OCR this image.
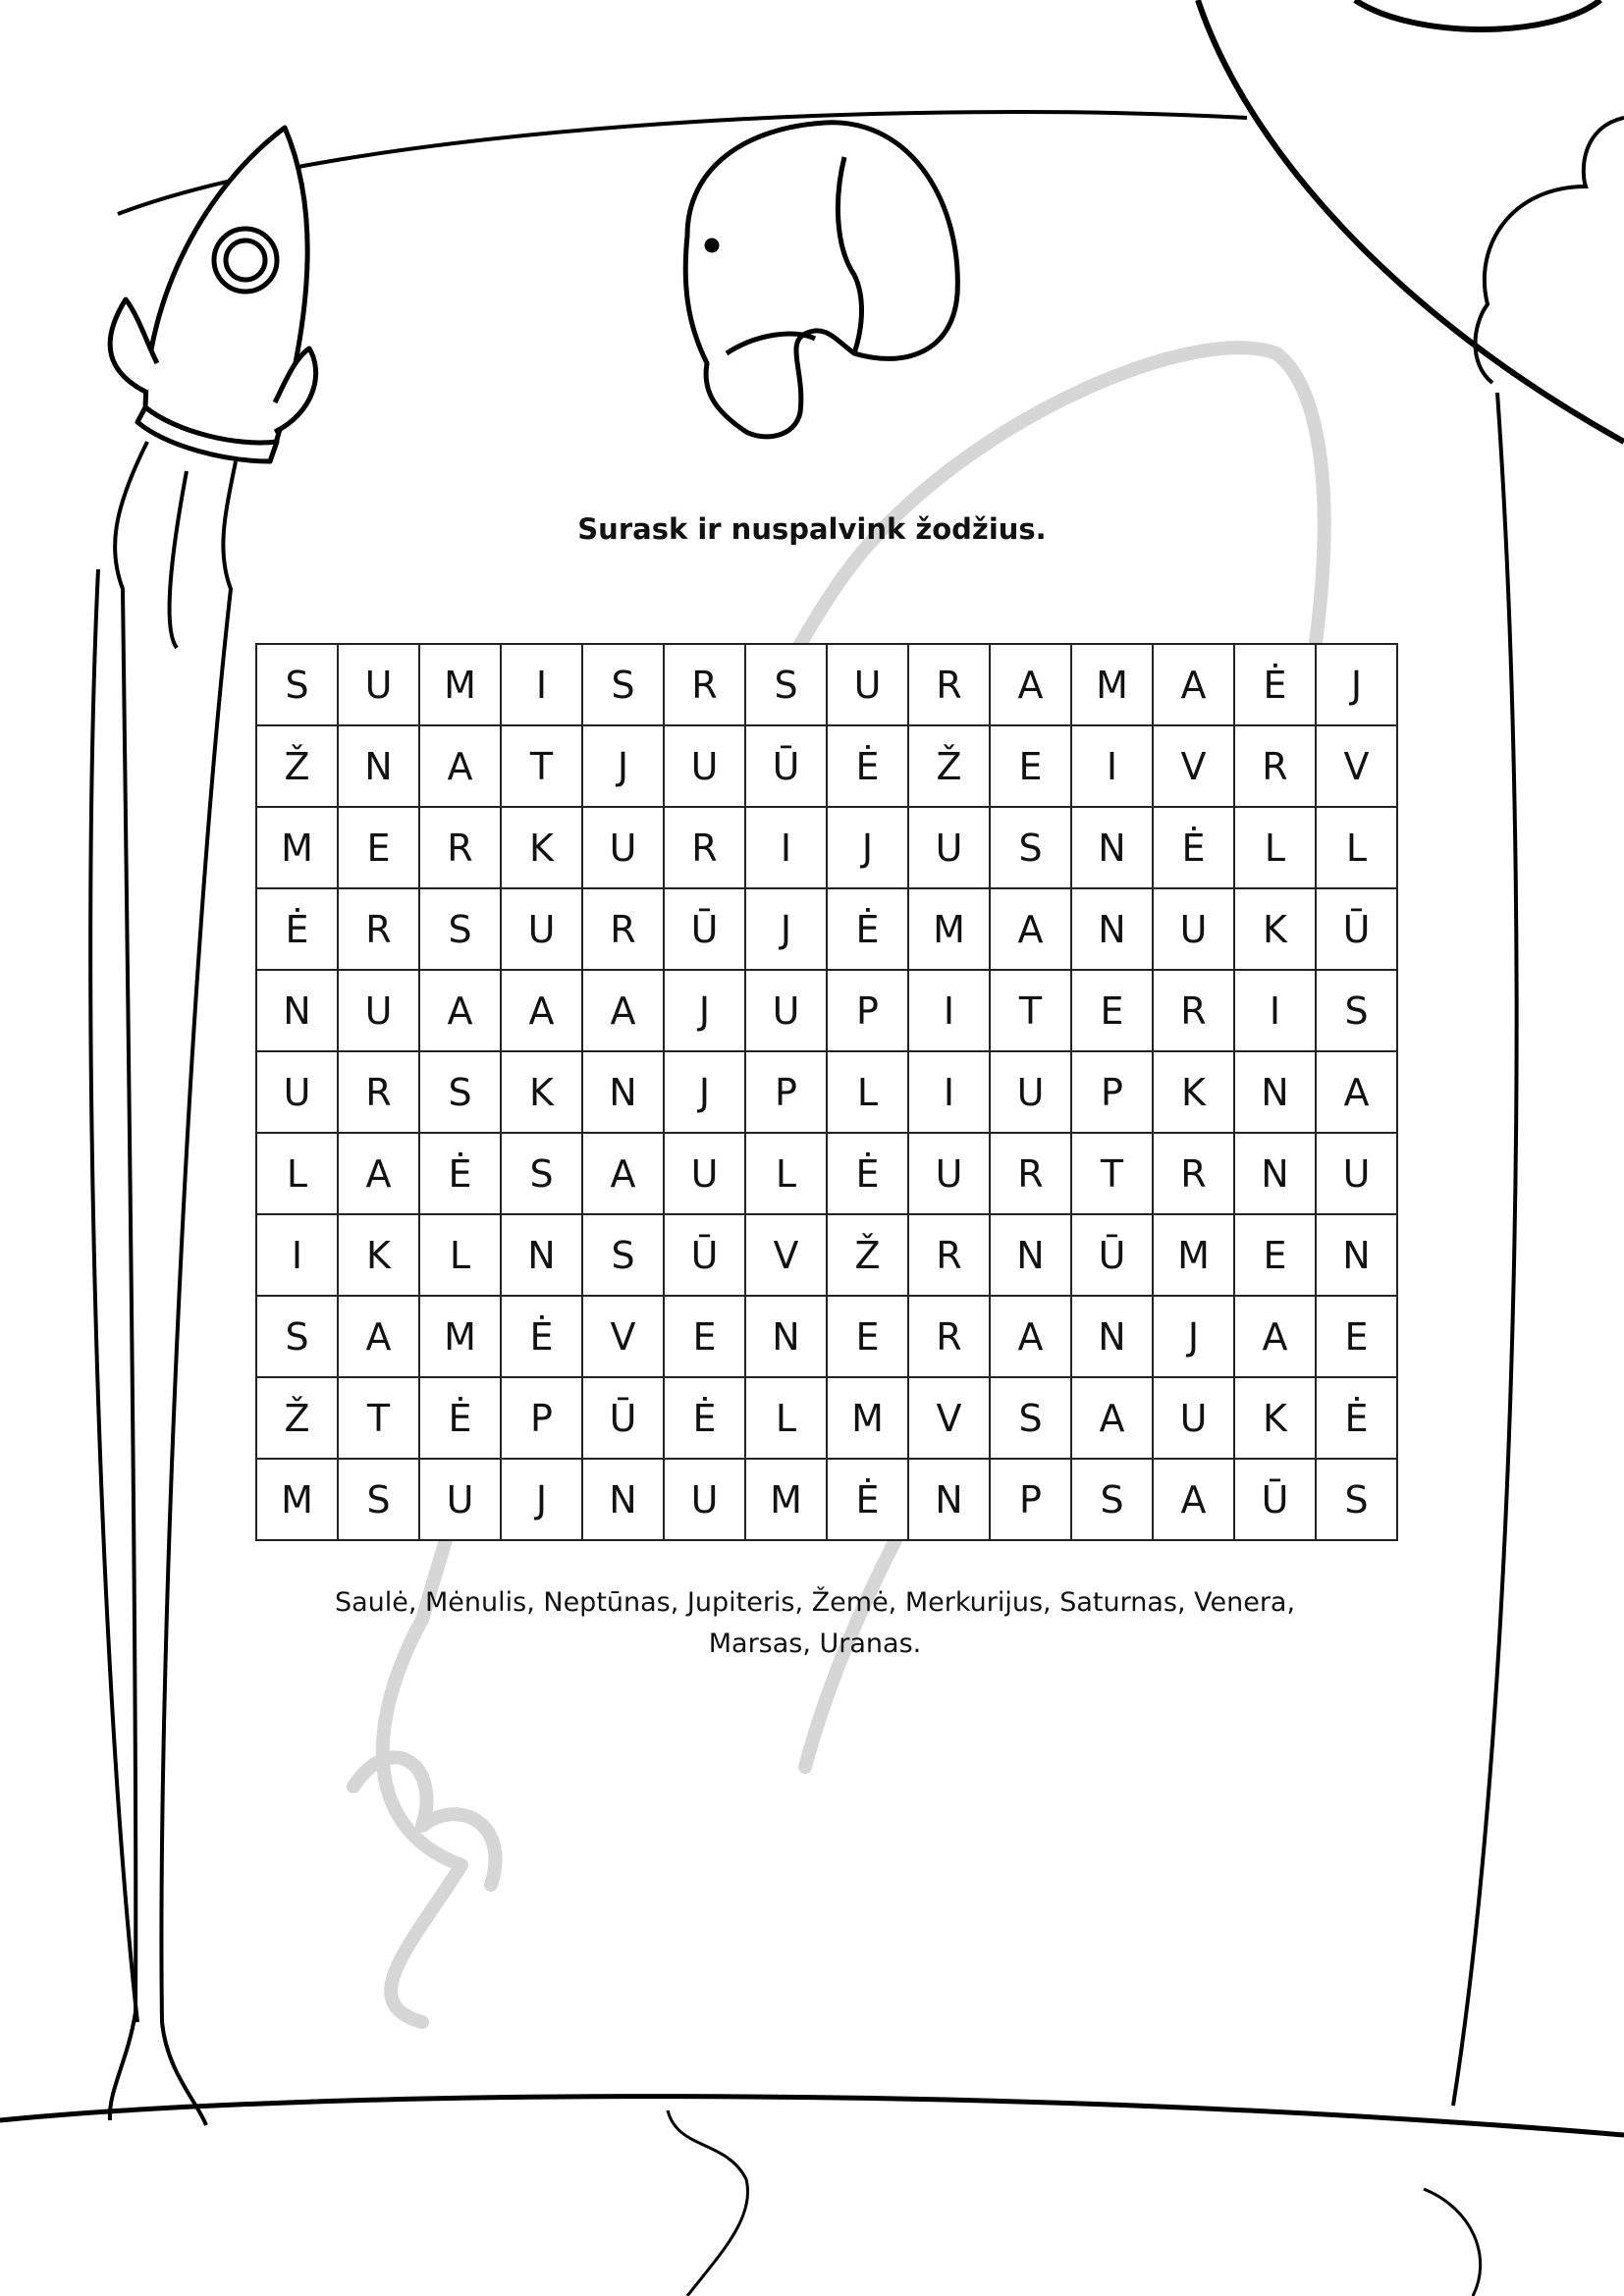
Surask ir nuspalvink žodžius.
S	U	M	I	S	R	S	U	R	A	M	A	Ė	J
Ž	N	A	T	J	U	Ū	Ė	Ž	E	I	V	R	V
M	E	R	K	U	R	I	J	U	S	N	Ė	L	L
Ė	R	S	U	R	Ū	J	Ė	M	A	N	U	K	Ū
N	U	A	A	A	J	U	P	I	T	E	R	I	S
U	R	S	K	N	J	P	L	I	U	P	K	N	A
L	A	Ė	S	A	U	L	Ė	U	R	T	R	N	U
I	K	L	N	S	Ū	V	Ž	R	N	Ū	M	E	N
S	A	M	Ė	V	E	N	E	R	A	N	J	A	E
Ž	T	Ė	P	Ū	Ė	L	M	V	S	A	U	K	Ė
M	S	U	J	N	U	M	Ė	N	P	S	A	Ū	S
Saulė, Mėnulis, Neptūnas, Jupiteris, Žemė, Merkurijus, Saturnas, Venera,
Marsas, Uranas.
